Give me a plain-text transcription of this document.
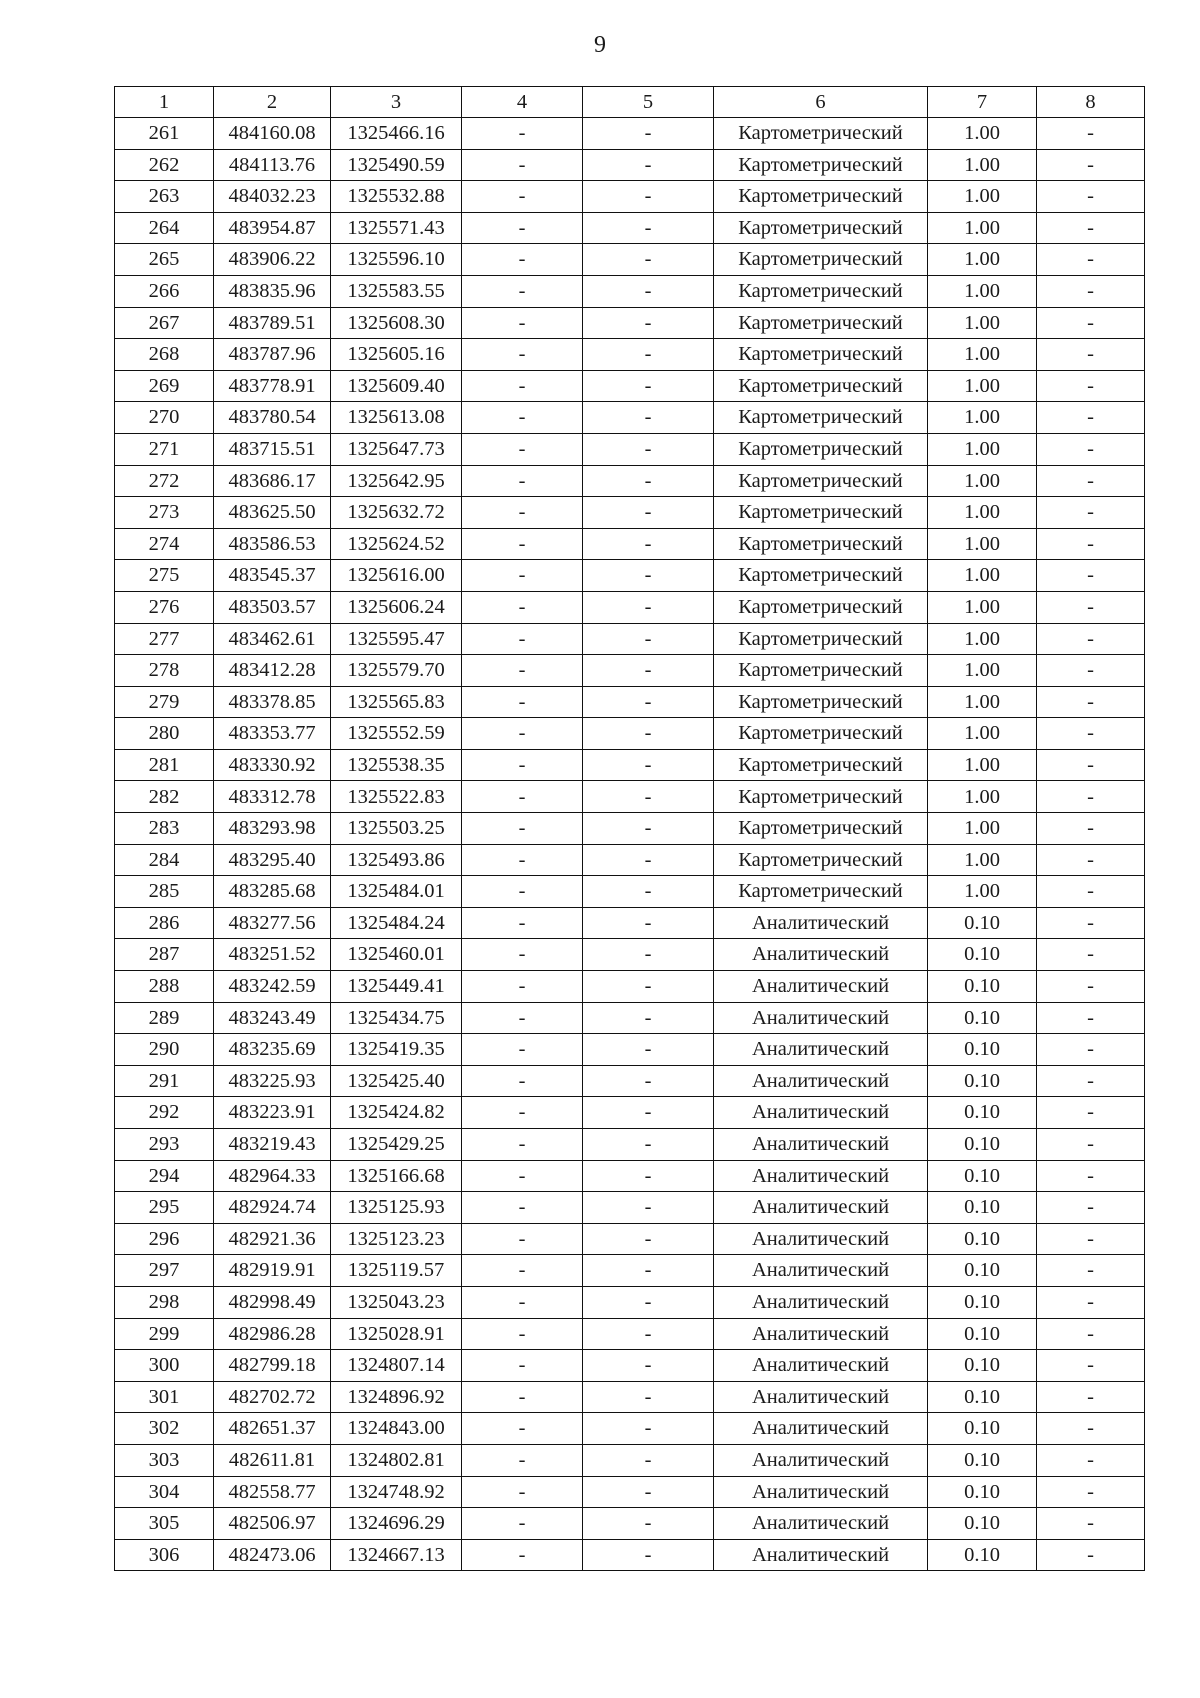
9
1	2	3	4	5	6	7	8
261	484160.08	1325466.16	-	-	Картометрический	1.00	-
262	484113.76	1325490.59	-	-	Картометрический	1.00	-
263	484032.23	1325532.88	-	-	Картометрический	1.00	-
264	483954.87	1325571.43	-	-	Картометрический	1.00	-
265	483906.22	1325596.10	-	-	Картометрический	1.00	-
266	483835.96	1325583.55	-	-	Картометрический	1.00	-
267	483789.51	1325608.30	-	-	Картометрический	1.00	-
268	483787.96	1325605.16	-	-	Картометрический	1.00	-
269	483778.91	1325609.40	-	-	Картометрический	1.00	-
270	483780.54	1325613.08	-	-	Картометрический	1.00	-
271	483715.51	1325647.73	-	-	Картометрический	1.00	-
272	483686.17	1325642.95	-	-	Картометрический	1.00	-
273	483625.50	1325632.72	-	-	Картометрический	1.00	-
274	483586.53	1325624.52	-	-	Картометрический	1.00	-
275	483545.37	1325616.00	-	-	Картометрический	1.00	-
276	483503.57	1325606.24	-	-	Картометрический	1.00	-
277	483462.61	1325595.47	-	-	Картометрический	1.00	-
278	483412.28	1325579.70	-	-	Картометрический	1.00	-
279	483378.85	1325565.83	-	-	Картометрический	1.00	-
280	483353.77	1325552.59	-	-	Картометрический	1.00	-
281	483330.92	1325538.35	-	-	Картометрический	1.00	-
282	483312.78	1325522.83	-	-	Картометрический	1.00	-
283	483293.98	1325503.25	-	-	Картометрический	1.00	-
284	483295.40	1325493.86	-	-	Картометрический	1.00	-
285	483285.68	1325484.01	-	-	Картометрический	1.00	-
286	483277.56	1325484.24	-	-	Аналитический	0.10	-
287	483251.52	1325460.01	-	-	Аналитический	0.10	-
288	483242.59	1325449.41	-	-	Аналитический	0.10	-
289	483243.49	1325434.75	-	-	Аналитический	0.10	-
290	483235.69	1325419.35	-	-	Аналитический	0.10	-
291	483225.93	1325425.40	-	-	Аналитический	0.10	-
292	483223.91	1325424.82	-	-	Аналитический	0.10	-
293	483219.43	1325429.25	-	-	Аналитический	0.10	-
294	482964.33	1325166.68	-	-	Аналитический	0.10	-
295	482924.74	1325125.93	-	-	Аналитический	0.10	-
296	482921.36	1325123.23	-	-	Аналитический	0.10	-
297	482919.91	1325119.57	-	-	Аналитический	0.10	-
298	482998.49	1325043.23	-	-	Аналитический	0.10	-
299	482986.28	1325028.91	-	-	Аналитический	0.10	-
300	482799.18	1324807.14	-	-	Аналитический	0.10	-
301	482702.72	1324896.92	-	-	Аналитический	0.10	-
302	482651.37	1324843.00	-	-	Аналитический	0.10	-
303	482611.81	1324802.81	-	-	Аналитический	0.10	-
304	482558.77	1324748.92	-	-	Аналитический	0.10	-
305	482506.97	1324696.29	-	-	Аналитический	0.10	-
306	482473.06	1324667.13	-	-	Аналитический	0.10	-
